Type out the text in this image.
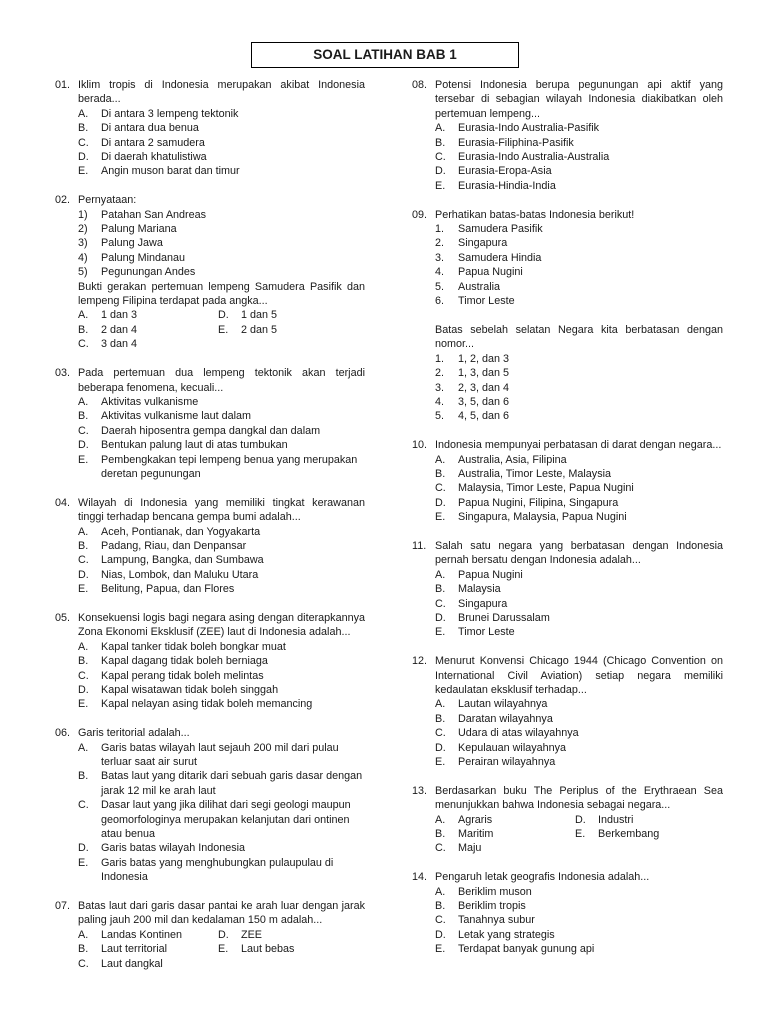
SOAL LATIHAN BAB 1
01. Iklim tropis di Indonesia merupakan akibat Indonesia berada...
A. Di antara 3 lempeng tektonik
B. Di antara dua benua
C. Di antara 2 samudera
D. Di daerah khatulistiwa
E. Angin muson barat dan timur
02. Pernyataan:
1) Patahan San Andreas
2) Palung Mariana
3) Palung Jawa
4) Palung Mindanau
5) Pegunungan Andes
Bukti gerakan pertemuan lempeng Samudera Pasifik dan lempeng Filipina terdapat pada angka...
A. 1 dan 3	D. 1 dan 5
B. 2 dan 4	E. 2 dan 5
C. 3 dan 4
03. Pada pertemuan dua lempeng tektonik akan terjadi beberapa fenomena, kecuali...
A. Aktivitas vulkanisme
B. Aktivitas vulkanisme laut dalam
C. Daerah hiposentra gempa dangkal dan dalam
D. Bentukan palung laut di atas tumbukan
E. Pembengkakan tepi lempeng benua yang merupakan deretan pegunungan
04. Wilayah di Indonesia yang memiliki tingkat kerawanan tinggi terhadap bencana gempa bumi adalah...
A. Aceh, Pontianak, dan Yogyakarta
B. Padang, Riau, dan Denpansar
C. Lampung, Bangka, dan Sumbawa
D. Nias, Lombok, dan Maluku Utara
E. Belitung, Papua, dan Flores
05. Konsekuensi logis bagi negara asing dengan diterapkannya Zona Ekonomi Eksklusif (ZEE) laut di Indonesia adalah...
A. Kapal tanker tidak boleh bongkar muat
B. Kapal dagang tidak boleh berniaga
C. Kapal perang tidak boleh melintas
D. Kapal wisatawan tidak boleh singgah
E. Kapal nelayan asing tidak boleh memancing
06. Garis teritorial adalah...
A. Garis batas wilayah laut sejauh 200 mil dari pulau terluar saat air surut
B. Batas laut yang ditarik dari sebuah garis dasar dengan jarak 12 mil ke arah laut
C. Dasar laut yang jika dilihat dari segi geologi maupun geomorfologinya merupakan kelanjutan dari ontinen atau benua
D. Garis batas wilayah Indonesia
E. Garis batas yang menghubungkan pulaupulau di Indonesia
07. Batas laut dari garis dasar pantai ke arah luar dengan jarak paling jauh 200 mil dan kedalaman 150 m adalah...
A. Landas Kontinen	D. ZEE
B. Laut territorial	E. Laut bebas
C. Laut dangkal
08. Potensi Indonesia berupa pegunungan api aktif yang tersebar di sebagian wilayah Indonesia diakibatkan oleh pertemuan lempeng...
A. Eurasia-Indo Australia-Pasifik
B. Eurasia-Filiphina-Pasifik
C. Eurasia-Indo Australia-Australia
D. Eurasia-Eropa-Asia
E. Eurasia-Hindia-India
09. Perhatikan batas-batas Indonesia berikut!
1. Samudera Pasifik
2. Singapura
3. Samudera Hindia
4. Papua Nugini
5. Australia
6. Timor Leste
Batas sebelah selatan Negara kita berbatasan dengan nomor...
1. 1, 2, dan 3
2. 1, 3, dan 5
3. 2, 3, dan 4
4. 3, 5, dan 6
5. 4, 5, dan 6
10. Indonesia mempunyai perbatasan di darat dengan negara...
A. Australia, Asia, Filipina
B. Australia, Timor Leste, Malaysia
C. Malaysia, Timor Leste, Papua Nugini
D. Papua Nugini, Filipina, Singapura
E. Singapura, Malaysia, Papua Nugini
11. Salah satu negara yang berbatasan dengan Indonesia pernah bersatu dengan Indonesia adalah...
A. Papua Nugini
B. Malaysia
C. Singapura
D. Brunei Darussalam
E. Timor Leste
12. Menurut Konvensi Chicago 1944 (Chicago Convention on International Civil Aviation) setiap negara memiliki kedaulatan eksklusif terhadap...
A. Lautan wilayahnya
B. Daratan wilayahnya
C. Udara di atas wilayahnya
D. Kepulauan wilayahnya
E. Perairan wilayahnya
13. Berdasarkan buku The Periplus of the Erythraean Sea menunjukkan bahwa Indonesia sebagai negara...
A. Agraris	D. Industri
B. Maritim	E. Berkembang
C. Maju
14. Pengaruh letak geografis Indonesia adalah...
A. Beriklim muson
B. Beriklim tropis
C. Tanahnya subur
D. Letak yang strategis
E. Terdapat banyak gunung api
